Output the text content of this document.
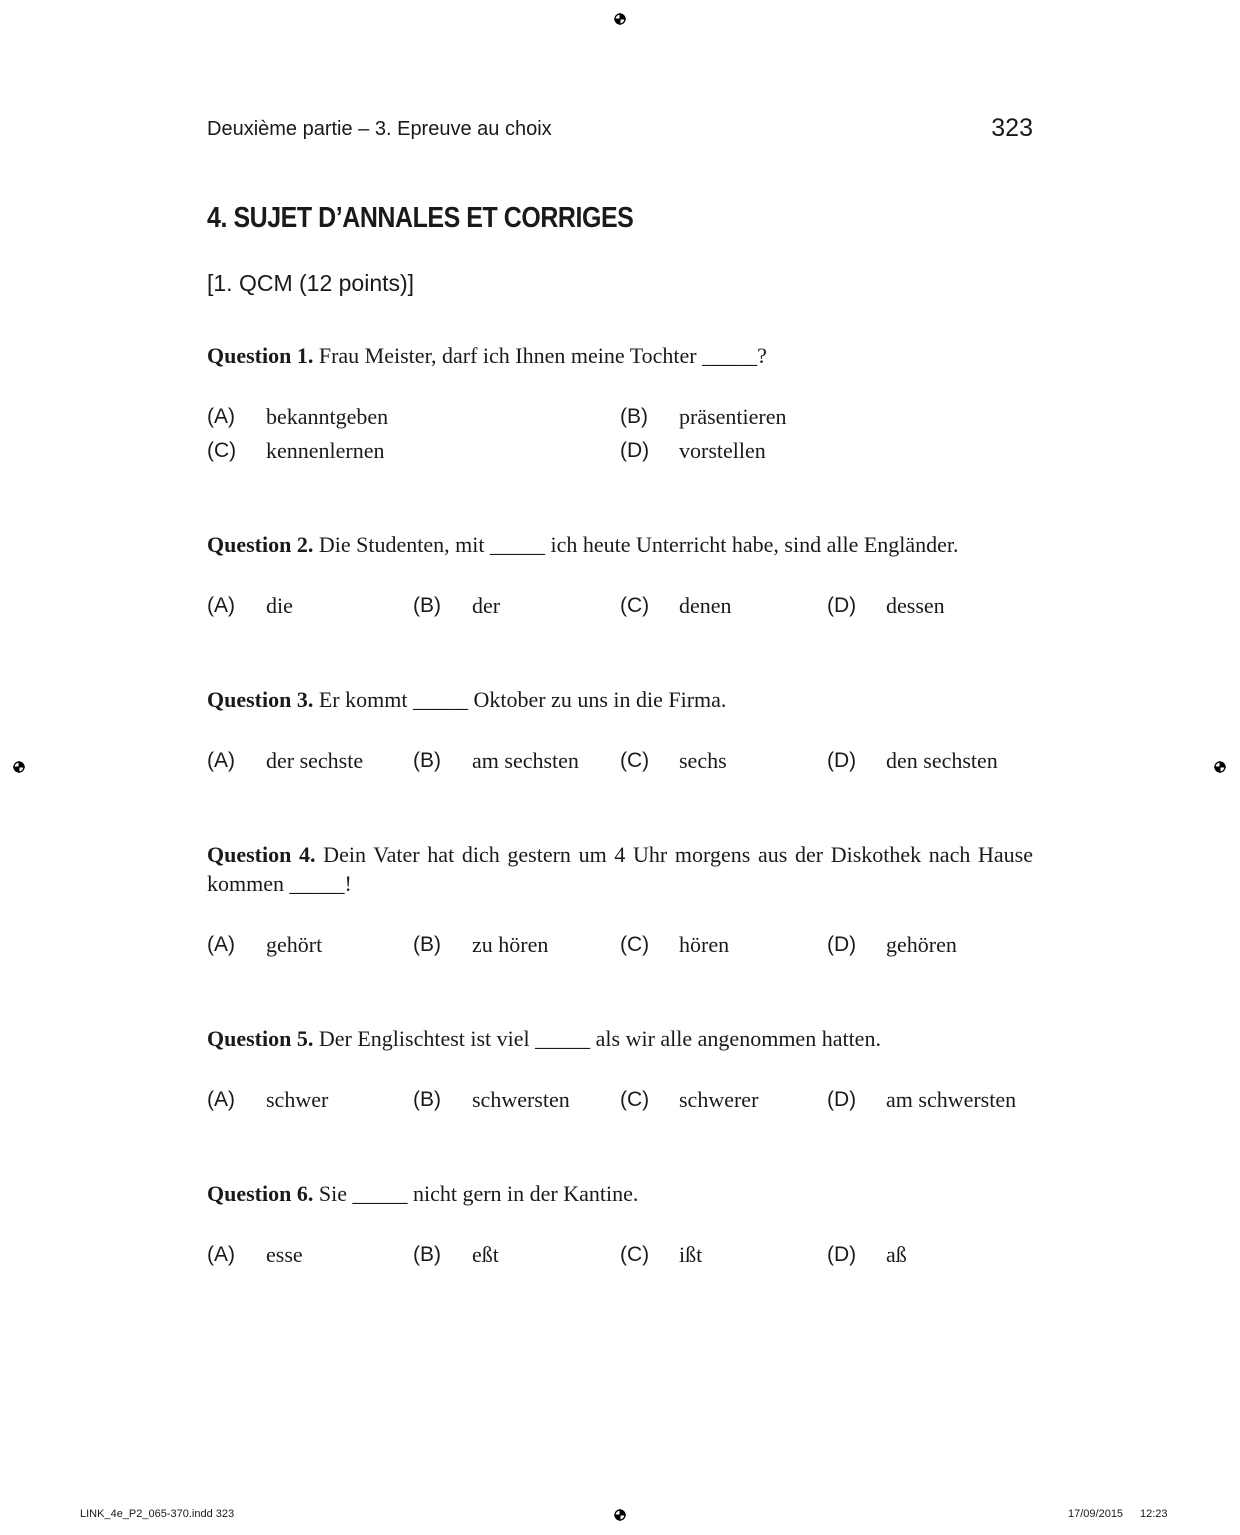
Deuxième partie – 3. Epreuve au choix	323
4. SUJET D’ANNALES ET CORRIGES
[1. QCM (12 points)]
Question 1. Frau Meister, darf ich Ihnen meine Tochter _____?
(A) bekanntgeben	(B) präsentieren
(C) kennenlernen	(D) vorstellen
Question 2. Die Studenten, mit _____ ich heute Unterricht habe, sind alle Engländer.
(A) die	(B) der	(C) denen	(D) dessen
Question 3. Er kommt _____ Oktober zu uns in die Firma.
(A) der sechste (B) am sechsten (C) sechs	(D) den sechsten
Question 4. Dein Vater hat dich gestern um 4 Uhr morgens aus der Diskothek nach Hause kommen _____!
(A) gehört	(B) zu hören	(C) hören	(D) gehören
Question 5. Der Englischtest ist viel _____ als wir alle angenommen hatten.
(A) schwer	(B) schwersten (C) schwerer	(D) am schwersten
Question 6. Sie _____ nicht gern in der Kantine.
(A) esse	(B) eßt	(C) ißt	(D) aß
LINK_4e_P2_065-370.indd 323	17/09/2015 12:23
